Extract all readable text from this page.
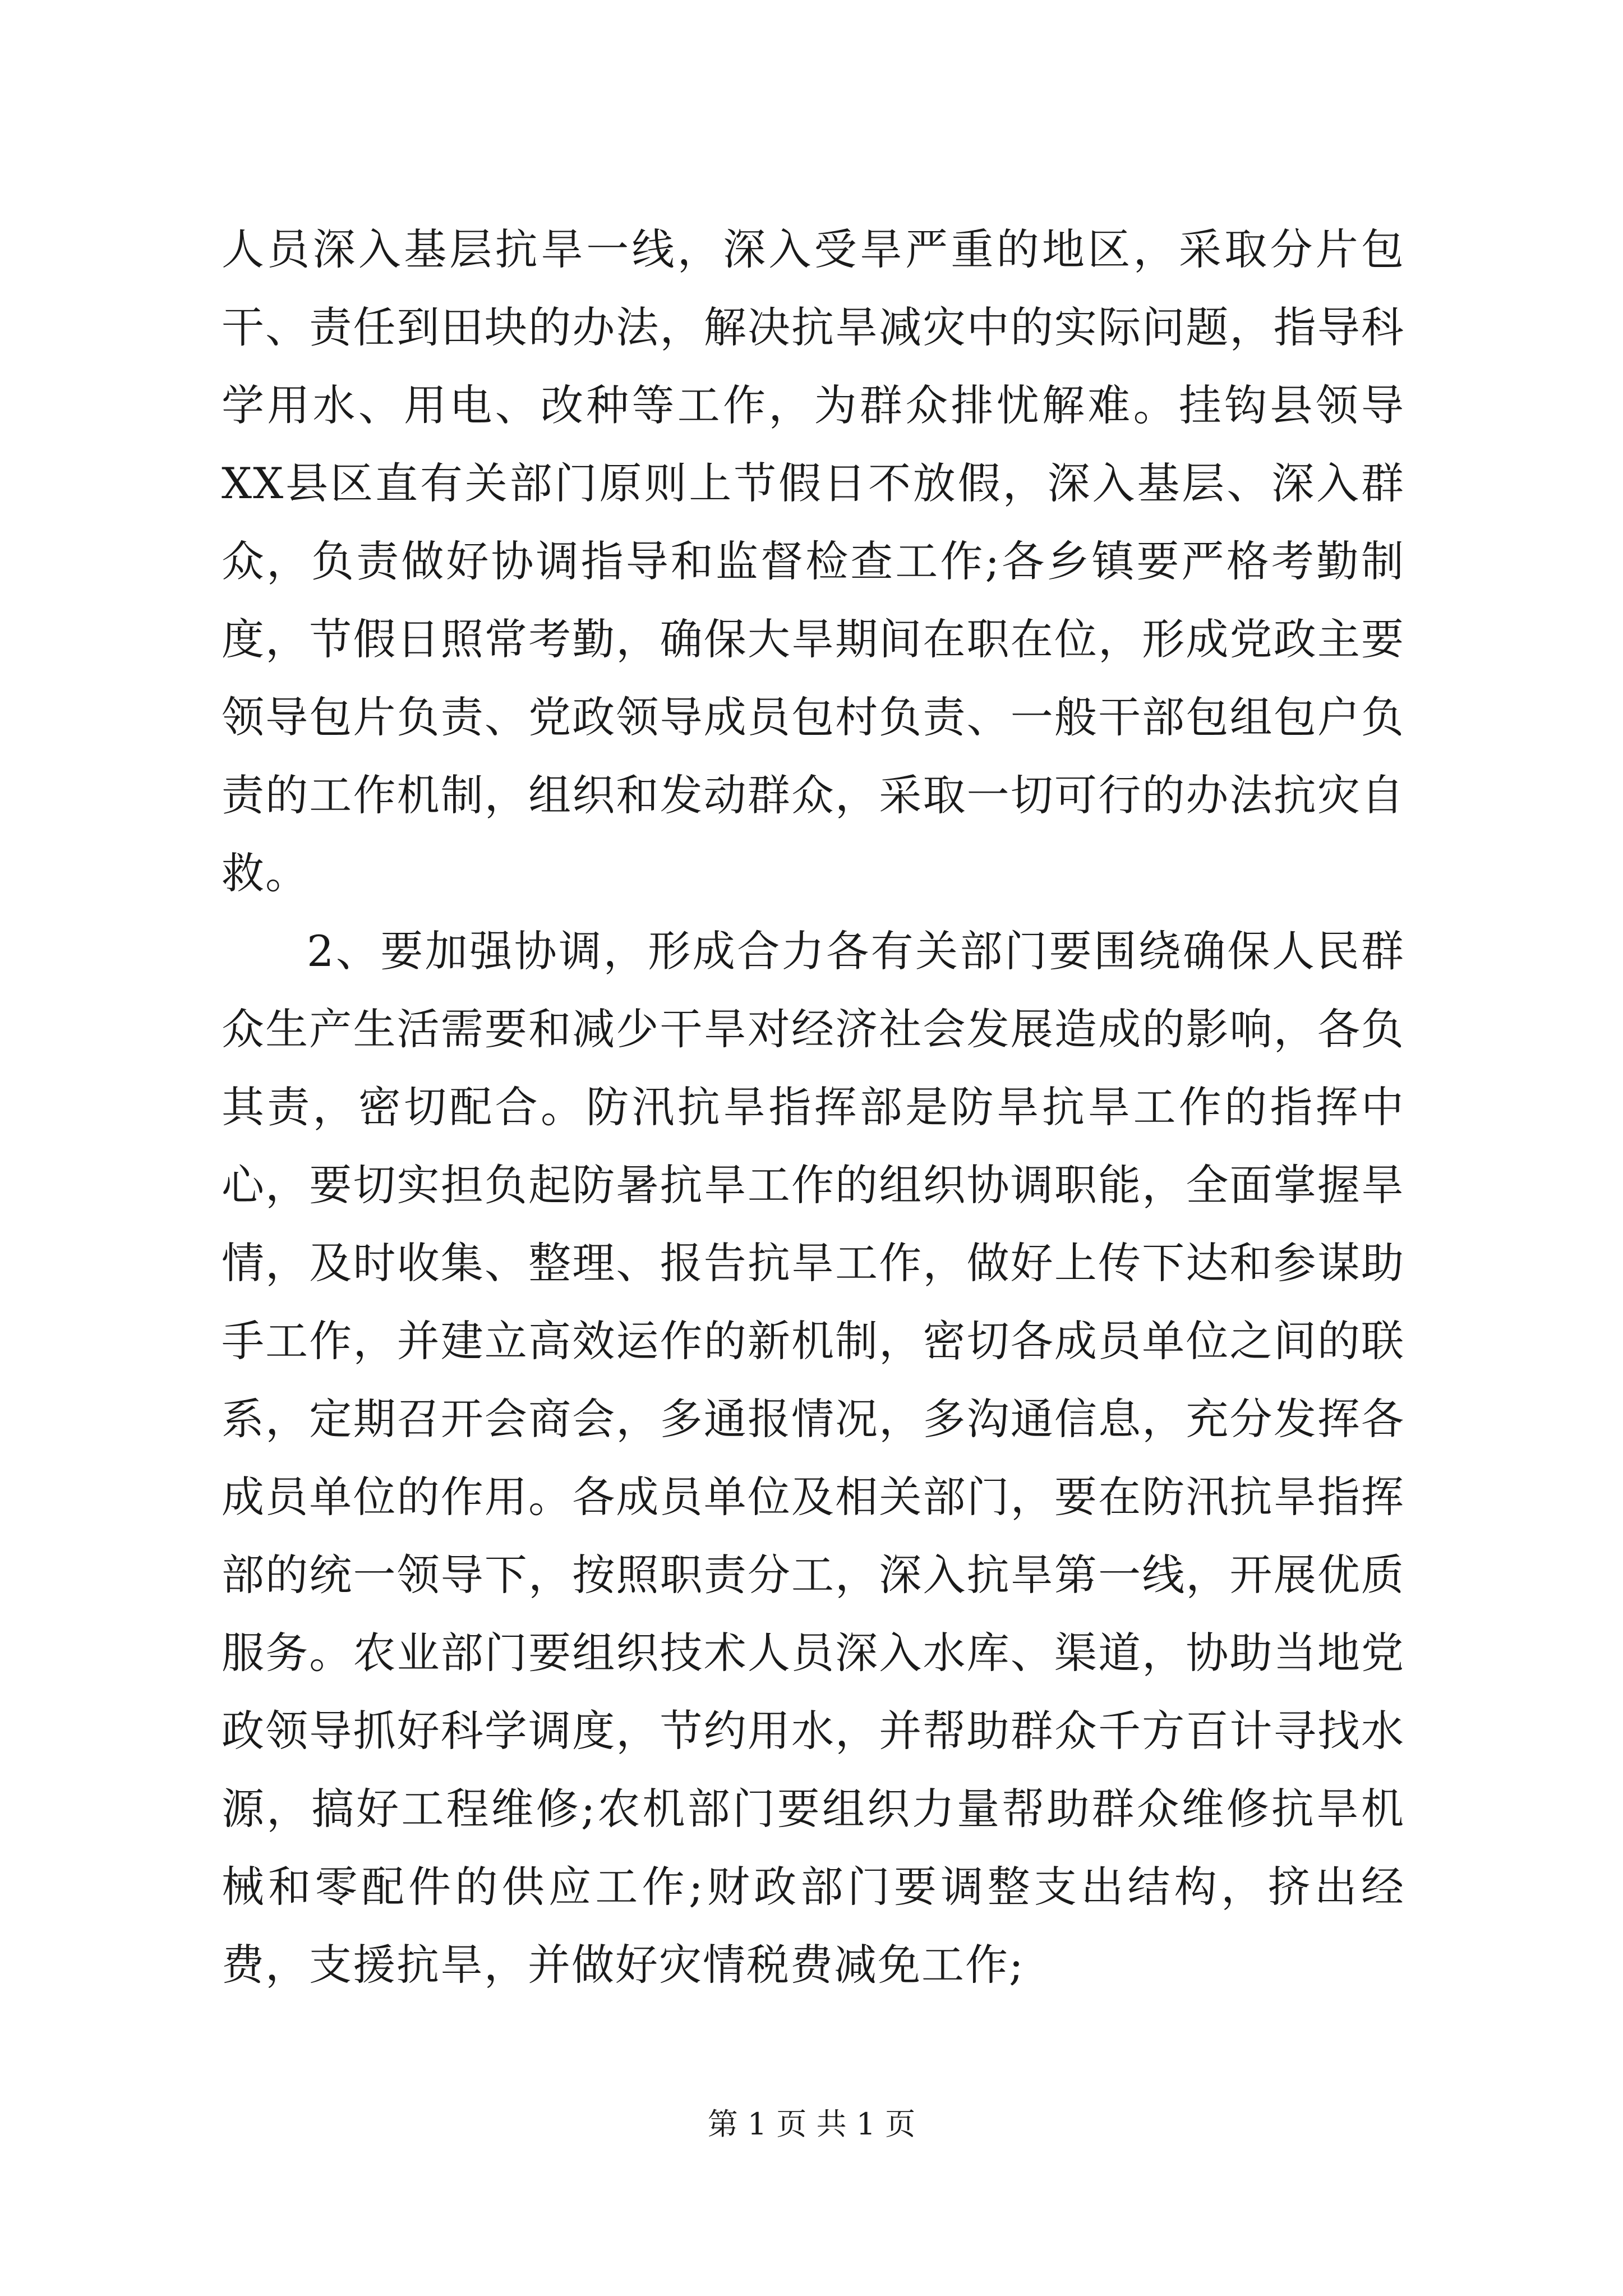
人员深入基层抗旱一线，深入受旱严重的地区，采取分片包干、责任到田块的办法，解决抗旱减灾中的实际问题，指导科学用水、用电、改种等工作，为群众排忧解难。挂钩县领导XX县区直有关部门原则上节假日不放假，深入基层、深入群众，负责做好协调指导和监督检查工作;各乡镇要严格考勤制度，节假日照常考勤，确保大旱期间在职在位，形成党政主要领导包片负责、党政领导成员包村负责、一般干部包组包户负责的工作机制，组织和发动群众，采取一切可行的办法抗灾自救。

2、要加强协调，形成合力各有关部门要围绕确保人民群众生产生活需要和减少干旱对经济社会发展造成的影响，各负其责，密切配合。防汛抗旱指挥部是防旱抗旱工作的指挥中心，要切实担负起防暑抗旱工作的组织协调职能，全面掌握旱情，及时收集、整理、报告抗旱工作，做好上传下达和参谋助手工作，并建立高效运作的新机制，密切各成员单位之间的联系，定期召开会商会，多通报情况，多沟通信息，充分发挥各成员单位的作用。各成员单位及相关部门，要在防汛抗旱指挥部的统一领导下，按照职责分工，深入抗旱第一线，开展优质服务。农业部门要组织技术人员深入水库、渠道，协助当地党政领导抓好科学调度，节约用水，并帮助群众千方百计寻找水源，搞好工程维修;农机部门要组织力量帮助群众维修抗旱机械和零配件的供应工作;财政部门要调整支出结构，挤出经费，支援抗旱，并做好灾情税费减免工作;

第 1 页 共 1 页
